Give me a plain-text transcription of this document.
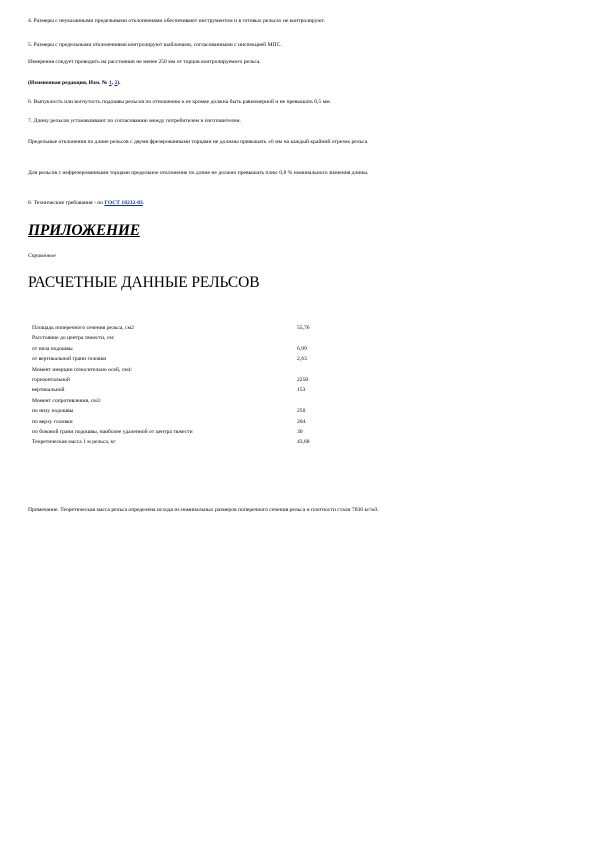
4. Размеры с неуказанными предельными отклонениями обеспечивают инструментом и в готовых рельсах не контролируют.
5. Размеры с предельными отклонениями контролируют шаблонами, согласованными с инспекцией МПС.
Измерения следует проводить на расстоянии не менее 250 мм от торцов контролируемого рельса.
(Измененная редакция, Изм. № 1, 2).
6. Выпуклость или вогнутость подошвы рельсов по отношению к ее кромке должна быть равномерной и не превышать 0,5 мм.
7. Длину рельсов устанавливают по согласованию между потребителем и изготовителем.
Предельные отклонения по длине рельсов с двумя фрезерованными торцами не должны превышать ±6 мм на каждый крайний отрезок рельса.
Для рельсов с нефрезерованными торцами предельное отклонение по длине не должно превышать плюс 0,8 % номинального значения длины.
8. Технические требования - по ГОСТ 18232-83.
ПРИЛОЖЕНИЕ
Справочное
РАСЧЕТНЫЕ ДАННЫЕ РЕЛЬСОВ
Площадь поперечного сечения рельса, см2	55,76
Расстояние до центра тяжести, см:
от низа подошвы	6,99
от вертикальной грани головки	2,63
Момент инерции относительно осей, см4:
горизонтальной	2250
вертикальной	153
Момент сопротивления, см3:
по низу подошвы	250
по верху головки	204
по боковой грани подошвы, наиболее удаленной от центра тяжести	30
Теоретическая масса 1 м рельса, кг	43,68
Примечание. Теоретическая масса рельса определена исходя из номинальных размеров поперечного сечения рельса и плотности стали 7830 кг/м3.
